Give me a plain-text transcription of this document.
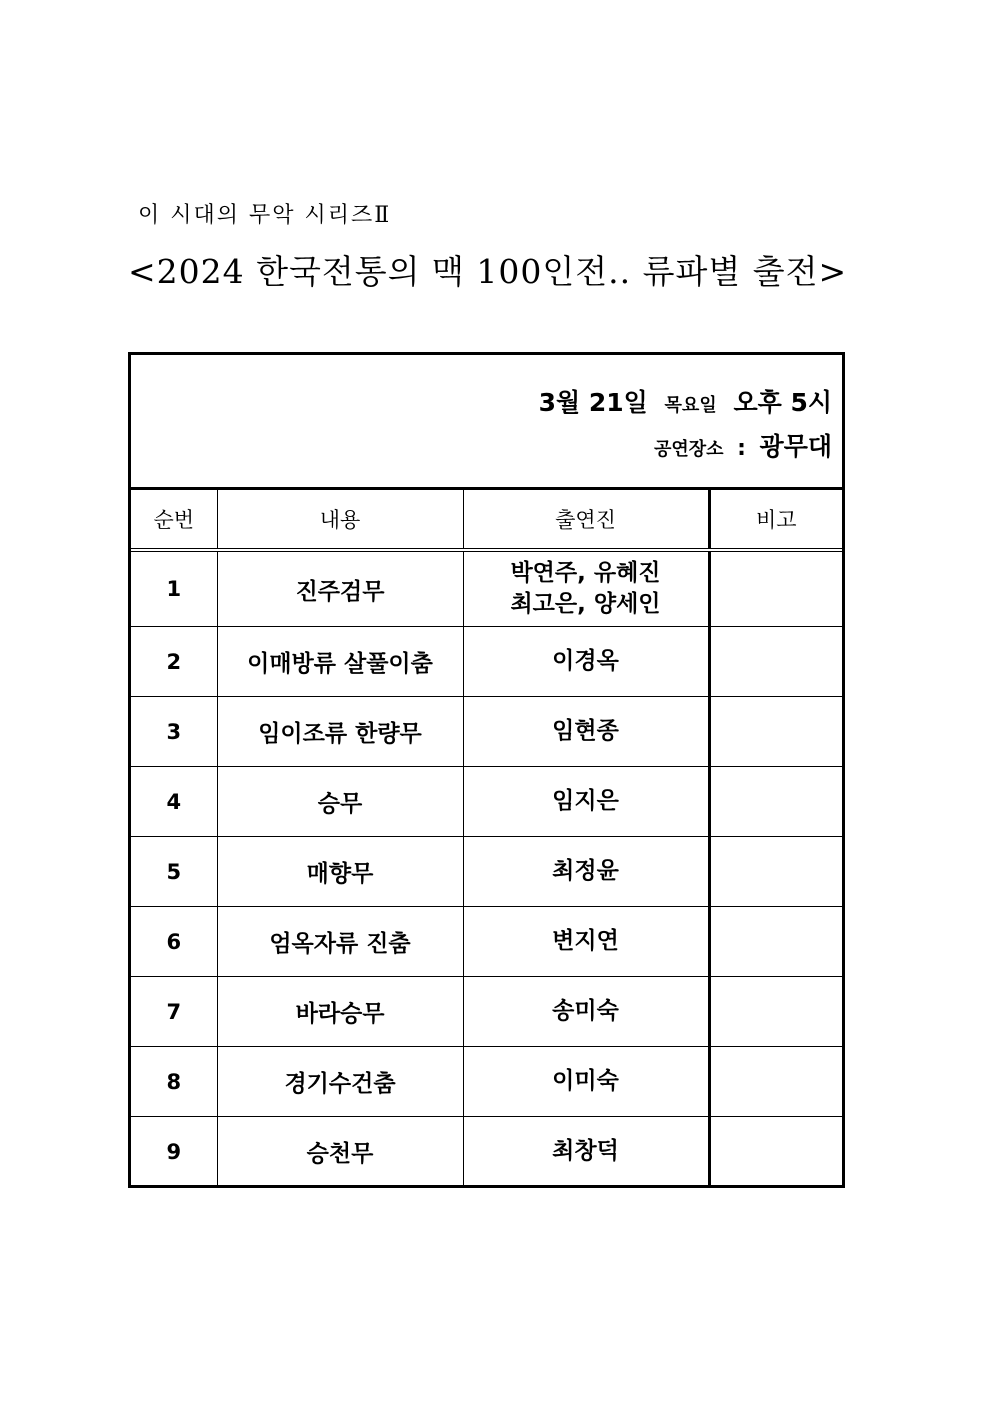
이 시대의 무악 시리즈Ⅱ
<2024 한국전통의 맥 100인전.. 류파별 출전>
3월 21일 목요일 오후 5시
공연장소 : 광무대
순번	내용	출연진	비고
1	진주검무	박연주, 유혜진
최고은, 양세인	

2	이매방류 살풀이춤	이경옥	

3	임이조류 한량무	임현종	

4	승무	임지은	

5	매향무	최정윤	

6	엄옥자류 진춤	변지연	

7	바라승무	송미숙	

8	경기수건춤	이미숙	

9	승천무	최창덕	
